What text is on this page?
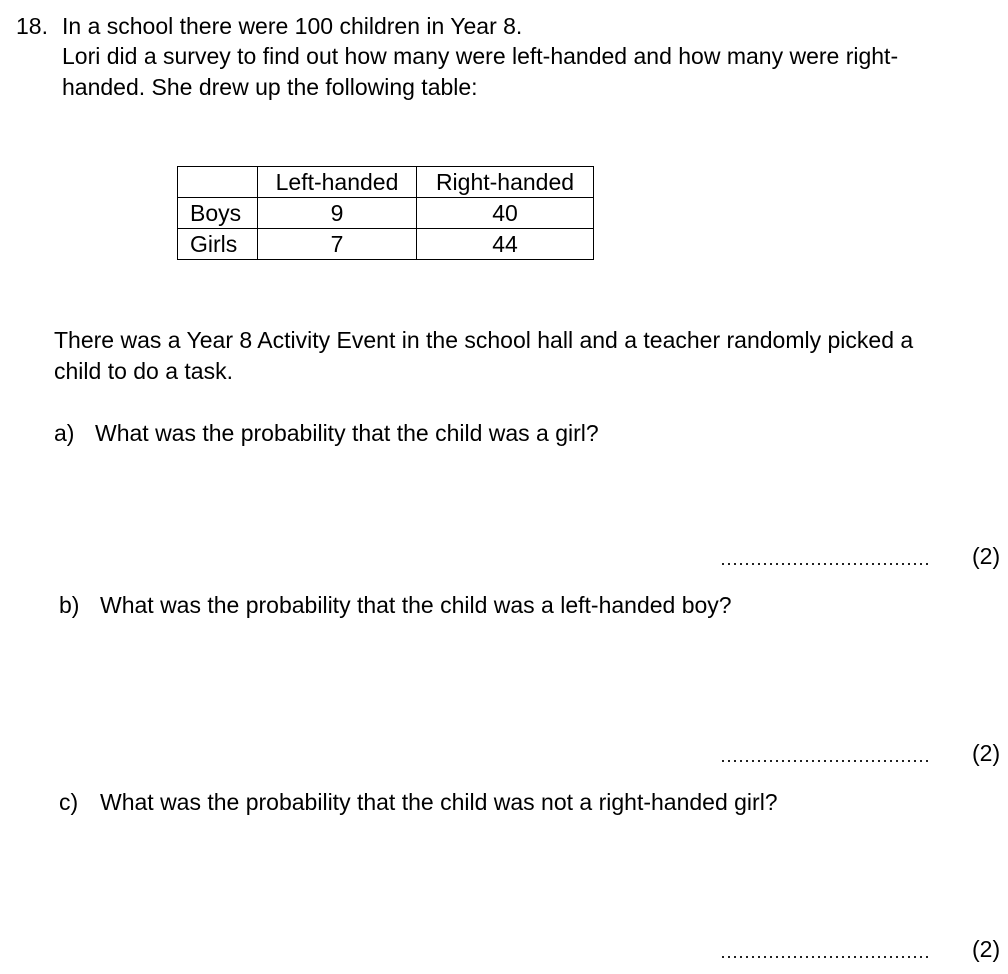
18. In a school there were 100 children in Year 8.
Lori did a survey to find out how many were left-handed and how many were right-
handed. She drew up the following table:
	Left-handed	Right-handed
Boys	9	40
Girls	7	44
There was a Year 8 Activity Event in the school hall and a teacher randomly picked a
child to do a task.
a) What was the probability that the child was a girl?
(2)
b) What was the probability that the child was a left-handed boy?
(2)
c) What was the probability that the child was not a right-handed girl?
(2)
